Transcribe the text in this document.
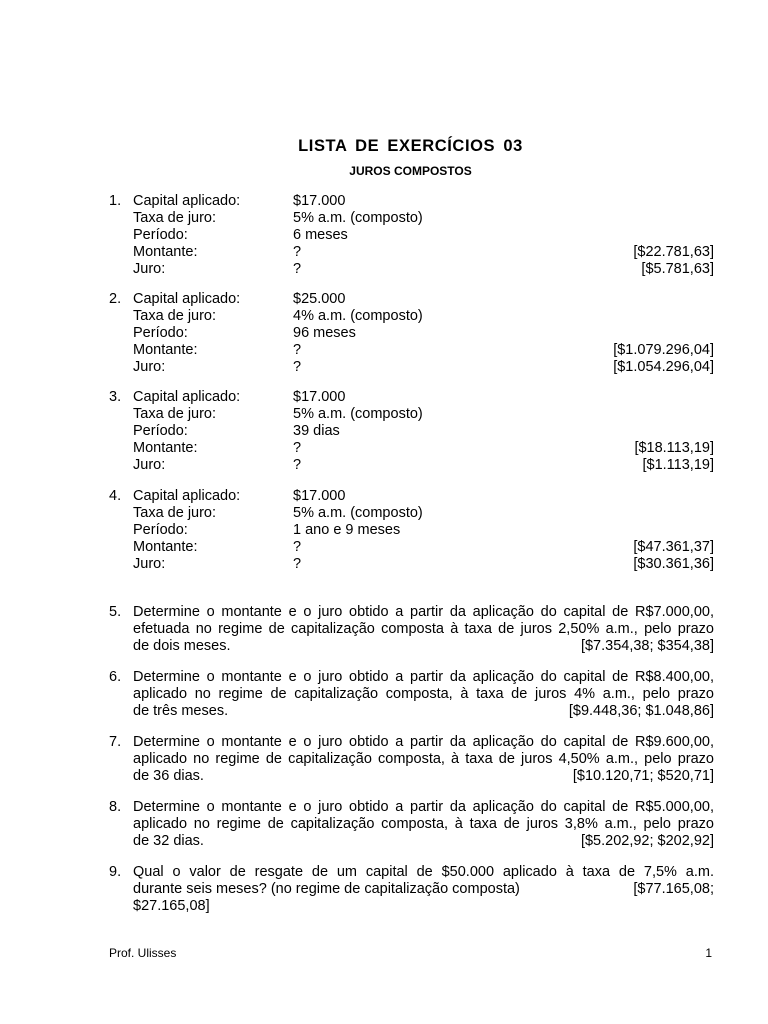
LISTA DE EXERCÍCIOS 03
JUROS COMPOSTOS
1. Capital aplicado:	$17.000
Taxa de juro:	5% a.m. (composto)
Período:	6 meses
Montante:	?	[$22.781,63]
Juro:	?	[$5.781,63]
2. Capital aplicado:	$25.000
Taxa de juro:	4% a.m. (composto)
Período:	96 meses
Montante:	?	[$1.079.296,04]
Juro:	?	[$1.054.296,04]
3. Capital aplicado:	$17.000
Taxa de juro:	5% a.m. (composto)
Período:	39 dias
Montante:	?	[$18.113,19]
Juro:	?	[$1.113,19]
4. Capital aplicado:	$17.000
Taxa de juro:	5% a.m. (composto)
Período:	1 ano e 9 meses
Montante:	?	[$47.361,37]
Juro:	?	[$30.361,36]
5. Determine o montante e o juro obtido a partir da aplicação do capital de R$7.000,00,
efetuada no regime de capitalização composta à taxa de juros 2,50% a.m., pelo prazo
de dois meses.	[$7.354,38; $354,38]
6. Determine o montante e o juro obtido a partir da aplicação do capital de R$8.400,00,
aplicado no regime de capitalização composta, à taxa de juros 4% a.m., pelo prazo
de três meses.	[$9.448,36; $1.048,86]
7. Determine o montante e o juro obtido a partir da aplicação do capital de R$9.600,00,
aplicado no regime de capitalização composta, à taxa de juros 4,50% a.m., pelo prazo
de 36 dias.	[$10.120,71; $520,71]
8. Determine o montante e o juro obtido a partir da aplicação do capital de R$5.000,00,
aplicado no regime de capitalização composta, à taxa de juros 3,8% a.m., pelo prazo
de 32 dias.	[$5.202,92; $202,92]
9. Qual o valor de resgate de um capital de $50.000 aplicado à taxa de 7,5% a.m.
durante seis meses? (no regime de capitalização composta)	[$77.165,08;
$27.165,08]
Prof. Ulisses	1
